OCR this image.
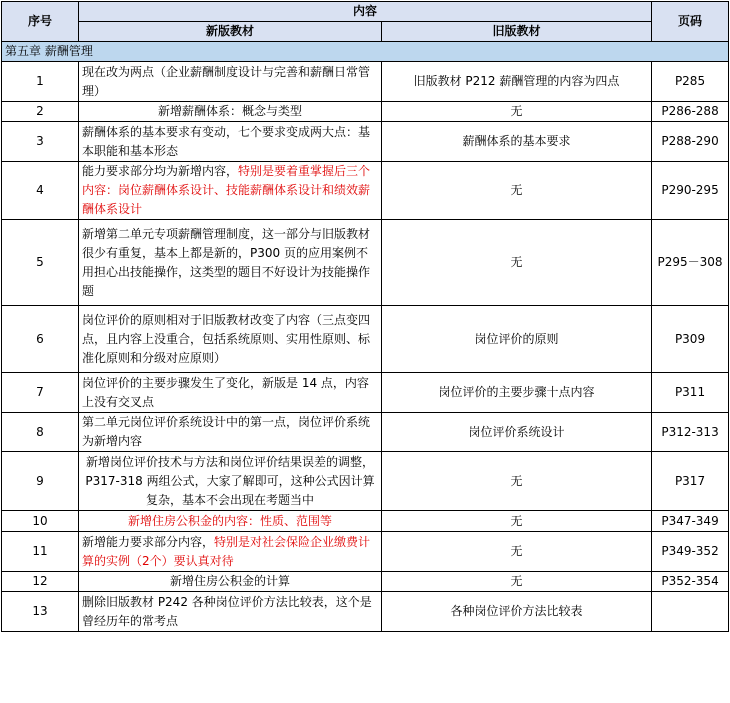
序号	内容		页码
	新版教材	旧版教材	
第五章 薪酬管理			
1	现在改为两点（企业薪酬制度设计与完善和薪酬日常管理）	旧版教材 P212 薪酬管理的内容为四点	P285
2	新增薪酬体系：概念与类型	无	P286-288
3	薪酬体系的基本要求有变动，七个要求变成两大点：基本职能和基本形态	薪酬体系的基本要求	P288-290
4	能力要求部分均为新增内容，特别是要着重掌握后三个内容：岗位薪酬体系设计、技能薪酬体系设计和绩效薪酬体系设计	无	P290-295
5	新增第二单元专项薪酬管理制度，这一部分与旧版教材很少有重复，基本上都是新的，P300 页的应用案例不用担心出技能操作，这类型的题目不好设计为技能操作题	无	P295－308
6	岗位评价的原则相对于旧版教材改变了内容（三点变四点，且内容上没重合，包括系统原则、实用性原则、标准化原则和分级对应原则）	岗位评价的原则	P309
7	岗位评价的主要步骤发生了变化，新版是 14 点，内容上没有交叉点	岗位评价的主要步骤十点内容	P311
8	第二单元岗位评价系统设计中的第一点，岗位评价系统为新增内容	岗位评价系统设计	P312-313
9	新增岗位评价技术与方法和岗位评价结果误差的调整，P317-318 两组公式，大家了解即可，这种公式因计算复杂，基本不会出现在考题当中	无	P317
10	新增住房公积金的内容：性质、范围等	无	P347-349
11	新增能力要求部分内容，特别是对社会保险企业缴费计算的实例（2个）要认真对待	无	P349-352
12	新增住房公积金的计算	无	P352-354
13	删除旧版教材 P242 各种岗位评价方法比较表，这个是曾经历年的常考点	各种岗位评价方法比较表	
